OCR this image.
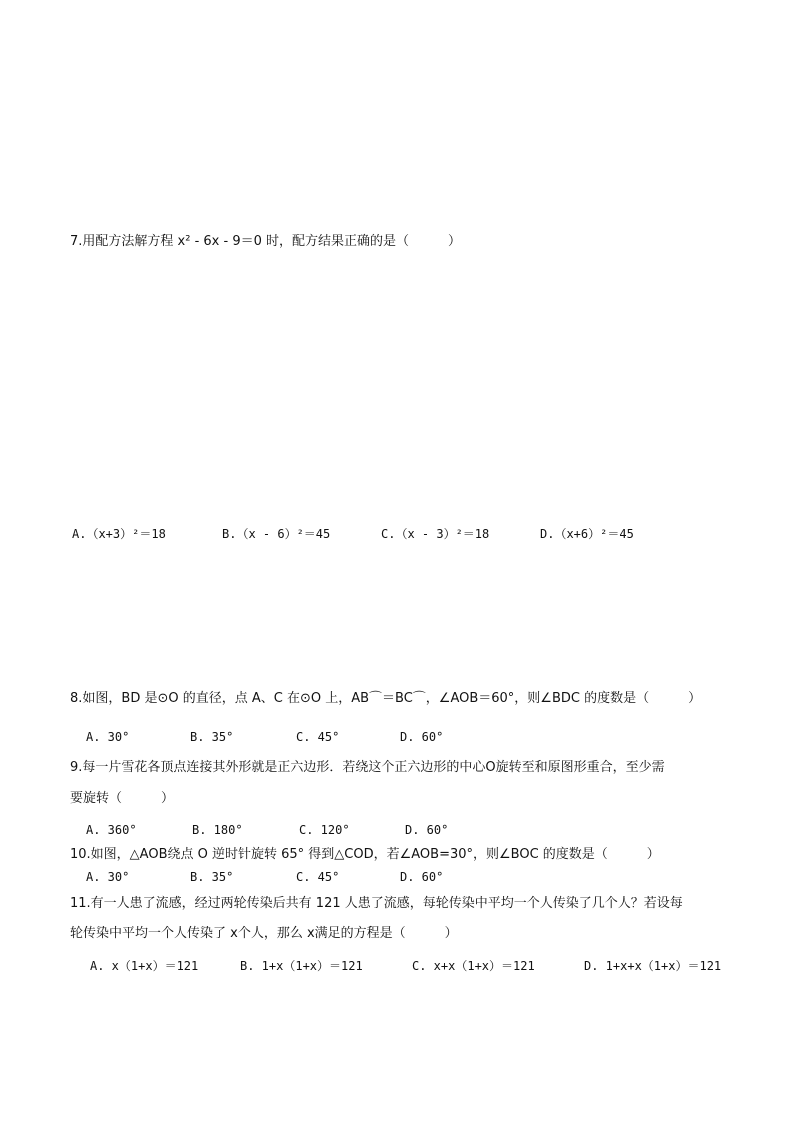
7.用配方法解方程 x² - 6x - 9＝0 时，配方结果正确的是（　　　）
A.（x+3）²＝18	B.（x - 6）²＝45	C.（x - 3）²＝18	D.（x+6）²＝45
8.如图，BD 是⊙O 的直径，点 A、C 在⊙O 上，AB⌒＝BC⌒，∠AOB＝60°，则∠BDC 的度数是（　　　）
A. 30°	B. 35°	C. 45°	D. 60°
9.每一片雪花各顶点连接其外形就是正六边形．若绕这个正六边形的中心O旋转至和原图形重合，至少需
要旋转（　　　）
A. 360°	B. 180°	C. 120°	D. 60°
10.如图，△AOB绕点 O 逆时针旋转 65° 得到△COD，若∠AOB=30°，则∠BOC 的度数是（　　　）
A. 30°	B. 35°	C. 45°	D. 60°
11.有一人患了流感，经过两轮传染后共有 121 人患了流感，每轮传染中平均一个人传染了几个人？若设每
轮传染中平均一个人传染了 x个人，那么 x满足的方程是（　　　）
A. x（1+x）＝121	B. 1+x（1+x）＝121	C. x+x（1+x）＝121	D. 1+x+x（1+x）＝121
